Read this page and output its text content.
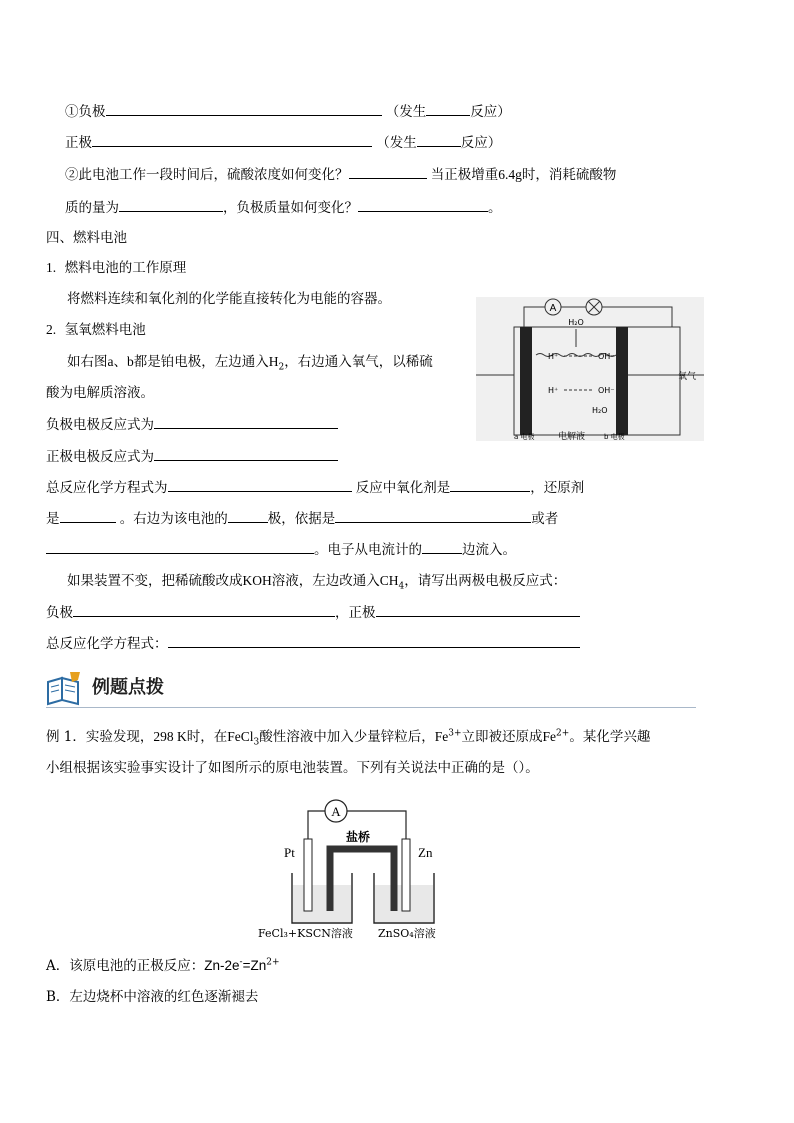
①负极	（发生	反应）
正极	（发生	反应）
②此电池工作一段时间后，硫酸浓度如何变化？	当正极增重6.4g时，消耗硫酸物
质的量为	，负极质量如何变化？	。
四、燃料电池
1. 燃料电池的工作原理
将燃料连续和氧化剂的化学能直接转化为电能的容器。
2. 氢氧燃料电池
如右图a、b都是铂电极，左边通入$H_2$，右边通入氧气，以稀硫
酸为电解质溶液。
负极电极反应式为
正极电极反应式为
总反应化学方程式为	反应中氧化剂是	，还原剂
是	。右边为该电池的	极，依据是	或者
。电子从电流计的	边流入。
如果装置不变，把稀硫酸改成KOH溶液，左边改通入$CH_4$，请写出两极电极反应式：
负极	，正极
总反应化学方程式：
A
H₂O
H⁺	OH⁻
H⁺	OH⁻
H₂O
氧气
a 电极	电解液	b 电极
例题点拨
例 1．实验发现，298 K时，在FeCl$_3$酸性溶液中加入少量锌粒后，$Fe^{3+}$立即被还原成$Fe^{2+}$。某化学兴趣
小组根据该实验事实设计了如图所示的原电池装置。下列有关说法中正确的是（）。
A
盐桥
Pt	Zn
FeCl₃+KSCN溶液 ZnSO₄溶液
A．该原电池的正极反应：$Zn-2e^-=Zn^{2+}$
B．左边烧杯中溶液的红色逐渐褪去
